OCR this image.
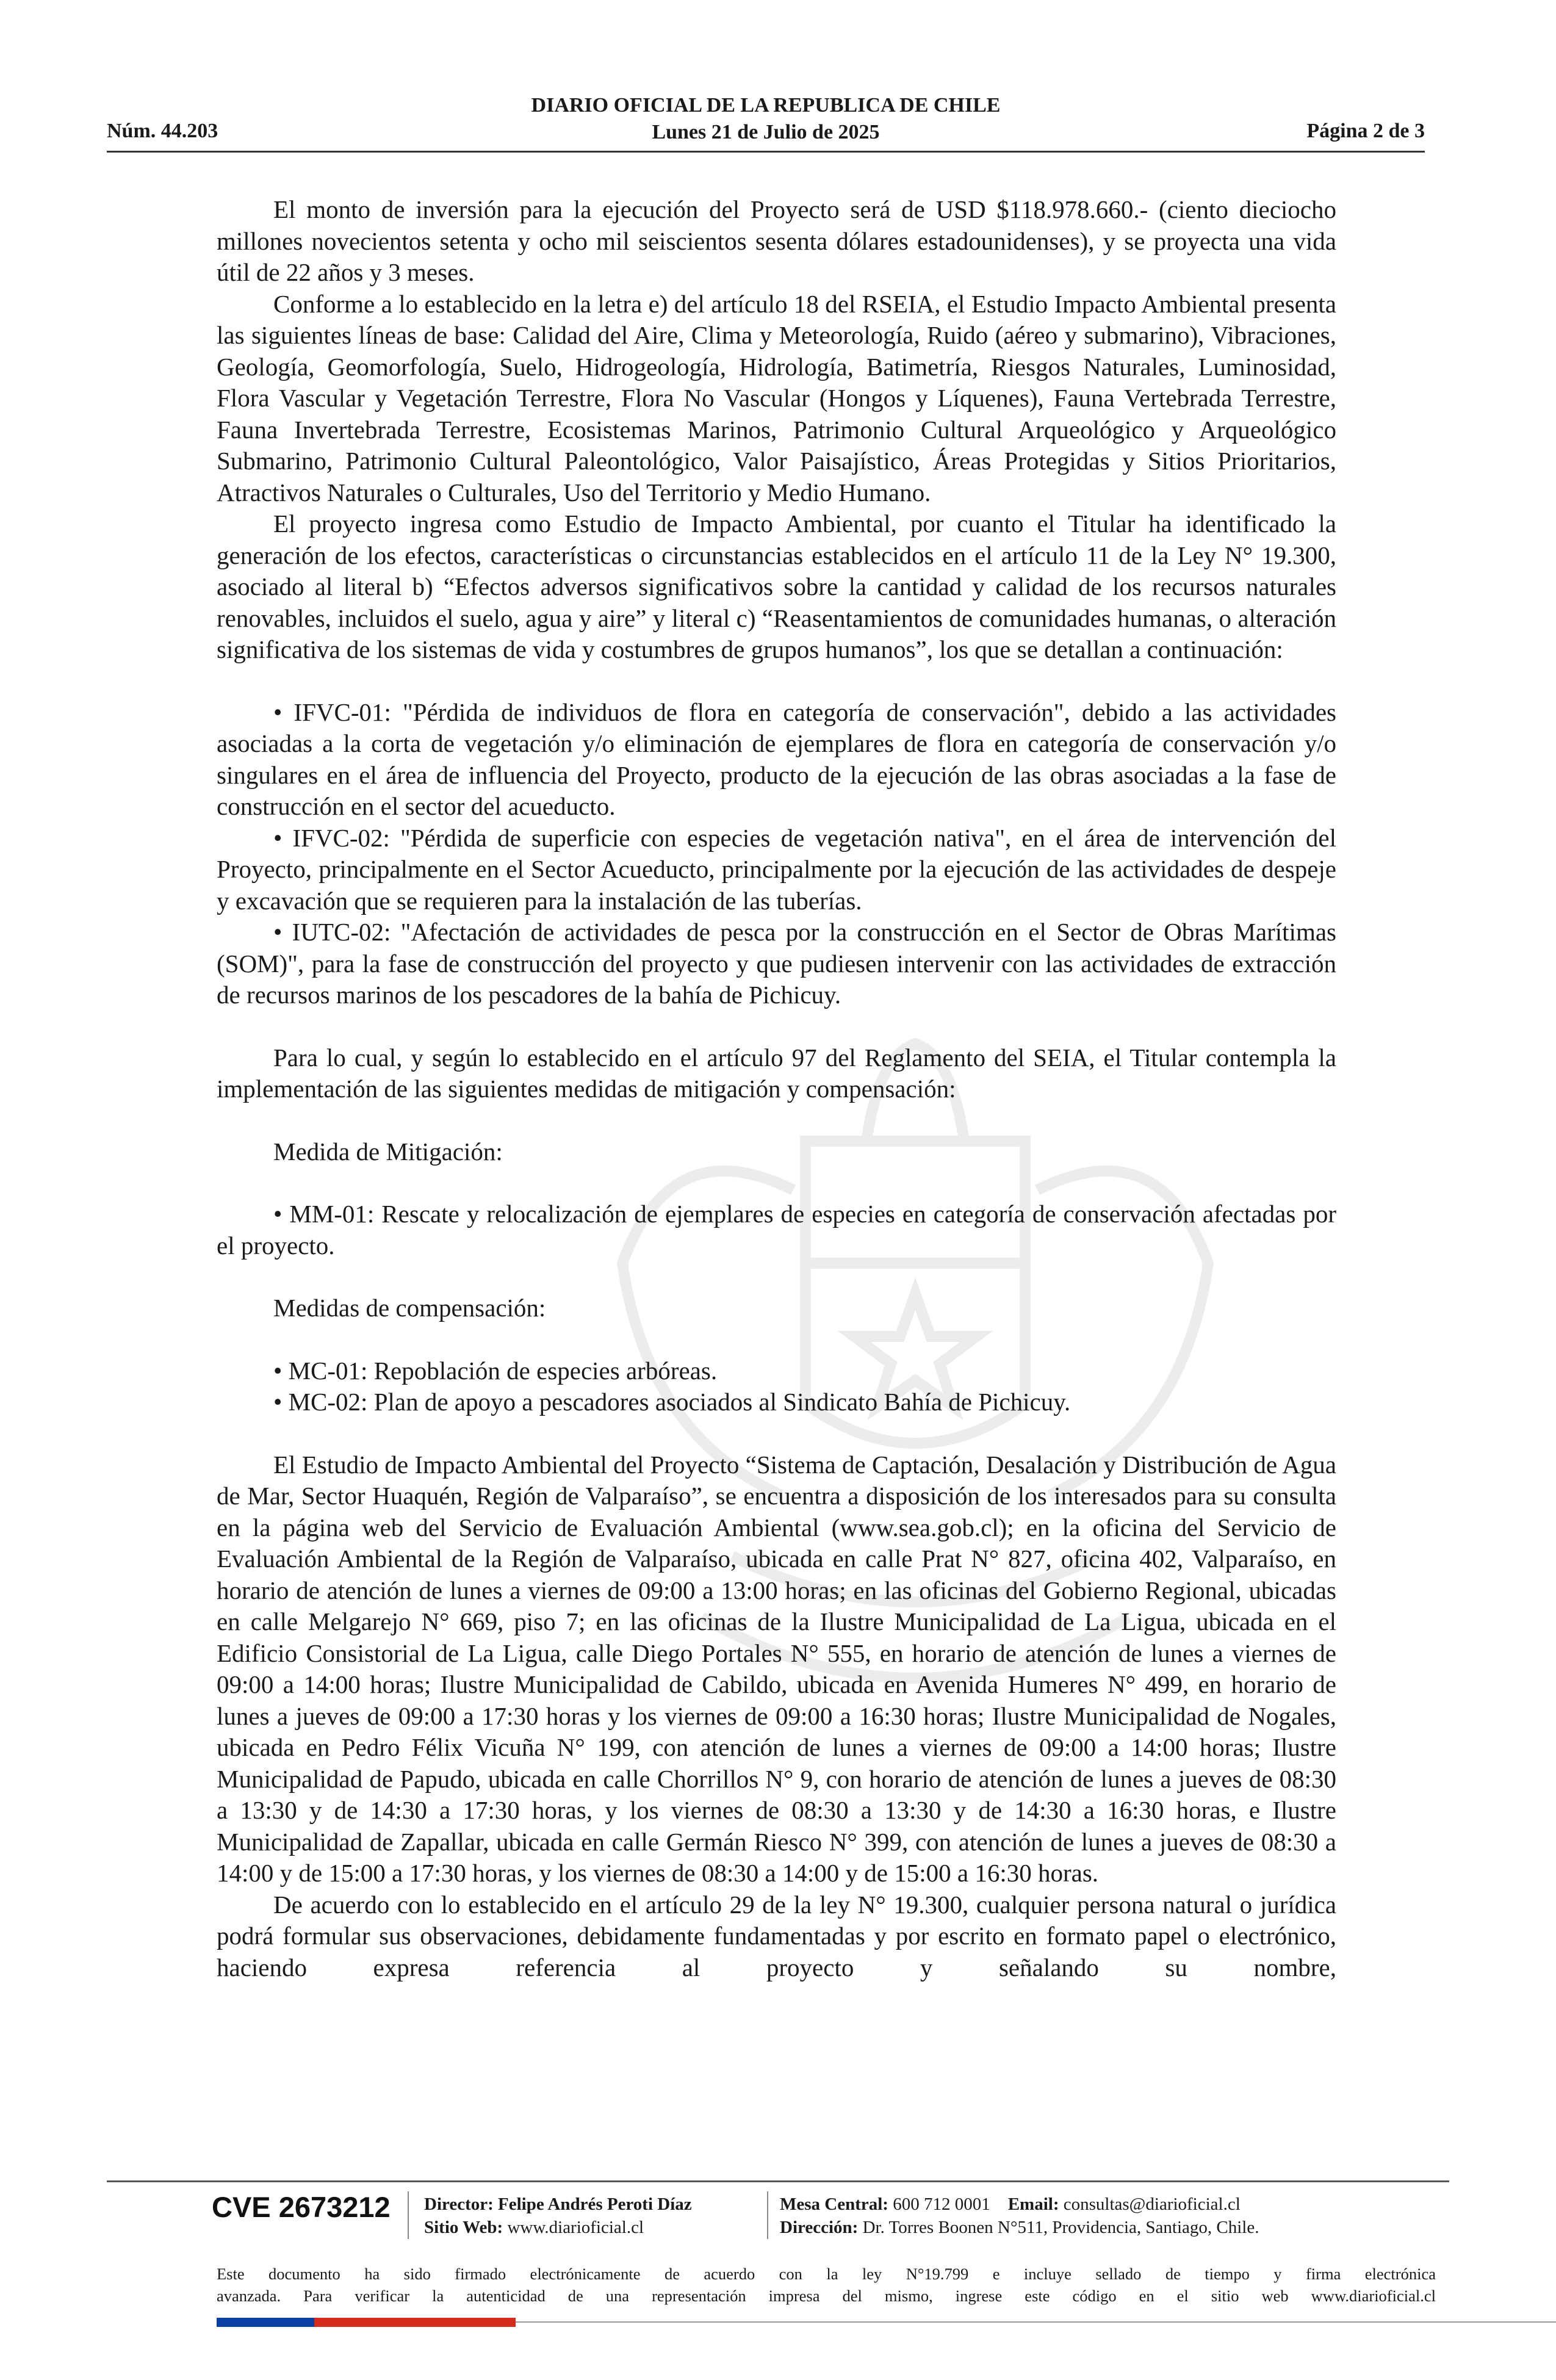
DIARIO OFICIAL DE LA REPUBLICA DE CHILE
Lunes 21 de Julio de 2025
Núm. 44.203	Página 2 de 3

El monto de inversión para la ejecución del Proyecto será de USD $118.978.660.- (ciento dieciocho millones novecientos setenta y ocho mil seiscientos sesenta dólares estadounidenses), y se proyecta una vida útil de 22 años y 3 meses.

Conforme a lo establecido en la letra e) del artículo 18 del RSEIA, el Estudio Impacto Ambiental presenta las siguientes líneas de base: Calidad del Aire, Clima y Meteorología, Ruido (aéreo y submarino), Vibraciones, Geología, Geomorfología, Suelo, Hidrogeología, Hidrología, Batimetría, Riesgos Naturales, Luminosidad, Flora Vascular y Vegetación Terrestre, Flora No Vascular (Hongos y Líquenes), Fauna Vertebrada Terrestre, Fauna Invertebrada Terrestre, Ecosistemas Marinos, Patrimonio Cultural Arqueológico y Arqueológico Submarino, Patrimonio Cultural Paleontológico, Valor Paisajístico, Áreas Protegidas y Sitios Prioritarios, Atractivos Naturales o Culturales, Uso del Territorio y Medio Humano.

El proyecto ingresa como Estudio de Impacto Ambiental, por cuanto el Titular ha identificado la generación de los efectos, características o circunstancias establecidos en el artículo 11 de la Ley N° 19.300, asociado al literal b) “Efectos adversos significativos sobre la cantidad y calidad de los recursos naturales renovables, incluidos el suelo, agua y aire” y literal c) “Reasentamientos de comunidades humanas, o alteración significativa de los sistemas de vida y costumbres de grupos humanos”, los que se detallan a continuación:

• IFVC-01: "Pérdida de individuos de flora en categoría de conservación", debido a las actividades asociadas a la corta de vegetación y/o eliminación de ejemplares de flora en categoría de conservación y/o singulares en el área de influencia del Proyecto, producto de la ejecución de las obras asociadas a la fase de construcción en el sector del acueducto.

• IFVC-02: "Pérdida de superficie con especies de vegetación nativa", en el área de intervención del Proyecto, principalmente en el Sector Acueducto, principalmente por la ejecución de las actividades de despeje y excavación que se requieren para la instalación de las tuberías.

• IUTC-02: "Afectación de actividades de pesca por la construcción en el Sector de Obras Marítimas (SOM)", para la fase de construcción del proyecto y que pudiesen intervenir con las actividades de extracción de recursos marinos de los pescadores de la bahía de Pichicuy.

Para lo cual, y según lo establecido en el artículo 97 del Reglamento del SEIA, el Titular contempla la implementación de las siguientes medidas de mitigación y compensación:

Medida de Mitigación:

• MM-01: Rescate y relocalización de ejemplares de especies en categoría de conservación afectadas por el proyecto.

Medidas de compensación:

• MC-01: Repoblación de especies arbóreas.

• MC-02: Plan de apoyo a pescadores asociados al Sindicato Bahía de Pichicuy.

El Estudio de Impacto Ambiental del Proyecto “Sistema de Captación, Desalación y Distribución de Agua de Mar, Sector Huaquén, Región de Valparaíso”, se encuentra a disposición de los interesados para su consulta en la página web del Servicio de Evaluación Ambiental (www.sea.gob.cl); en la oficina del Servicio de Evaluación Ambiental de la Región de Valparaíso, ubicada en calle Prat N° 827, oficina 402, Valparaíso, en horario de atención de lunes a viernes de 09:00 a 13:00 horas; en las oficinas del Gobierno Regional, ubicadas en calle Melgarejo N° 669, piso 7; en las oficinas de la Ilustre Municipalidad de La Ligua, ubicada en el Edificio Consistorial de La Ligua, calle Diego Portales N° 555, en horario de atención de lunes a viernes de 09:00 a 14:00 horas; Ilustre Municipalidad de Cabildo, ubicada en Avenida Humeres N° 499, en horario de lunes a jueves de 09:00 a 17:30 horas y los viernes de 09:00 a 16:30 horas; Ilustre Municipalidad de Nogales, ubicada en Pedro Félix Vicuña N° 199, con atención de lunes a viernes de 09:00 a 14:00 horas; Ilustre Municipalidad de Papudo, ubicada en calle Chorrillos N° 9, con horario de atención de lunes a jueves de 08:30 a 13:30 y de 14:30 a 17:30 horas, y los viernes de 08:30 a 13:30 y de 14:30 a 16:30 horas, e Ilustre Municipalidad de Zapallar, ubicada en calle Germán Riesco N° 399, con atención de lunes a jueves de 08:30 a 14:00 y de 15:00 a 17:30 horas, y los viernes de 08:30 a 14:00 y de 15:00 a 16:30 horas.

De acuerdo con lo establecido en el artículo 29 de la ley N° 19.300, cualquier persona natural o jurídica podrá formular sus observaciones, debidamente fundamentadas y por escrito en formato papel o electrónico, haciendo expresa referencia al proyecto y señalando su nombre,

CVE 2673212 Director: Felipe Andrés Peroti Díaz
Sitio Web: www.diarioficial.cl
Mesa Central: 600 712 0001 Email: consultas@diarioficial.cl
Dirección: Dr. Torres Boonen N°511, Providencia, Santiago, Chile.
Este documento ha sido firmado electrónicamente de acuerdo con la ley N°19.799 e incluye sellado de tiempo y firma electrónica
avanzada. Para verificar la autenticidad de una representación impresa del mismo, ingrese este código en el sitio web www.diarioficial.cl
